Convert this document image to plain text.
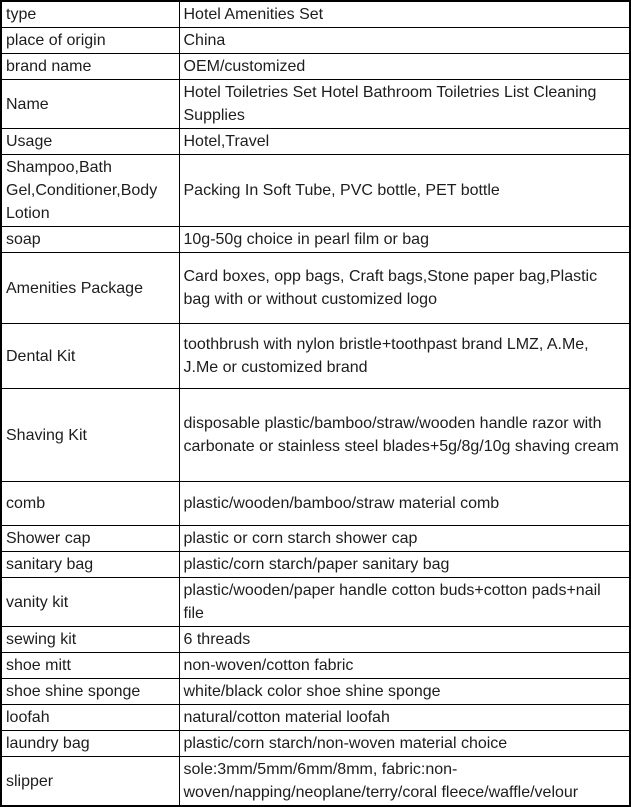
type	Hotel Amenities Set
place of origin	China
brand name	OEM/customized
Name	Hotel Toiletries Set Hotel Bathroom Toiletries List Cleaning Supplies
Usage	Hotel,Travel
Shampoo,Bath Gel,Conditioner,Body Lotion	Packing In Soft Tube, PVC bottle, PET bottle
soap	10g-50g choice in pearl film or bag
Amenities Package	Card boxes, opp bags, Craft bags,Stone paper bag,Plastic bag with or without customized logo
Dental Kit	toothbrush with nylon bristle+toothpast brand LMZ, A.Me, J.Me or customized brand
Shaving Kit	disposable plastic/bamboo/straw/wooden handle razor with carbonate or stainless steel blades+5g/8g/10g shaving cream
comb	plastic/wooden/bamboo/straw material comb
Shower cap	plastic or corn starch shower cap
sanitary bag	plastic/corn starch/paper sanitary bag
vanity kit	plastic/wooden/paper handle cotton buds+cotton pads+nail file
sewing kit	6 threads
shoe mitt	non-woven/cotton fabric
shoe shine sponge	white/black color shoe shine sponge
loofah	natural/cotton material loofah
laundry bag	plastic/corn starch/non-woven material choice
slipper	sole:3mm/5mm/6mm/8mm, fabric:non-woven/napping/neoplane/terry/coral fleece/waffle/velour
